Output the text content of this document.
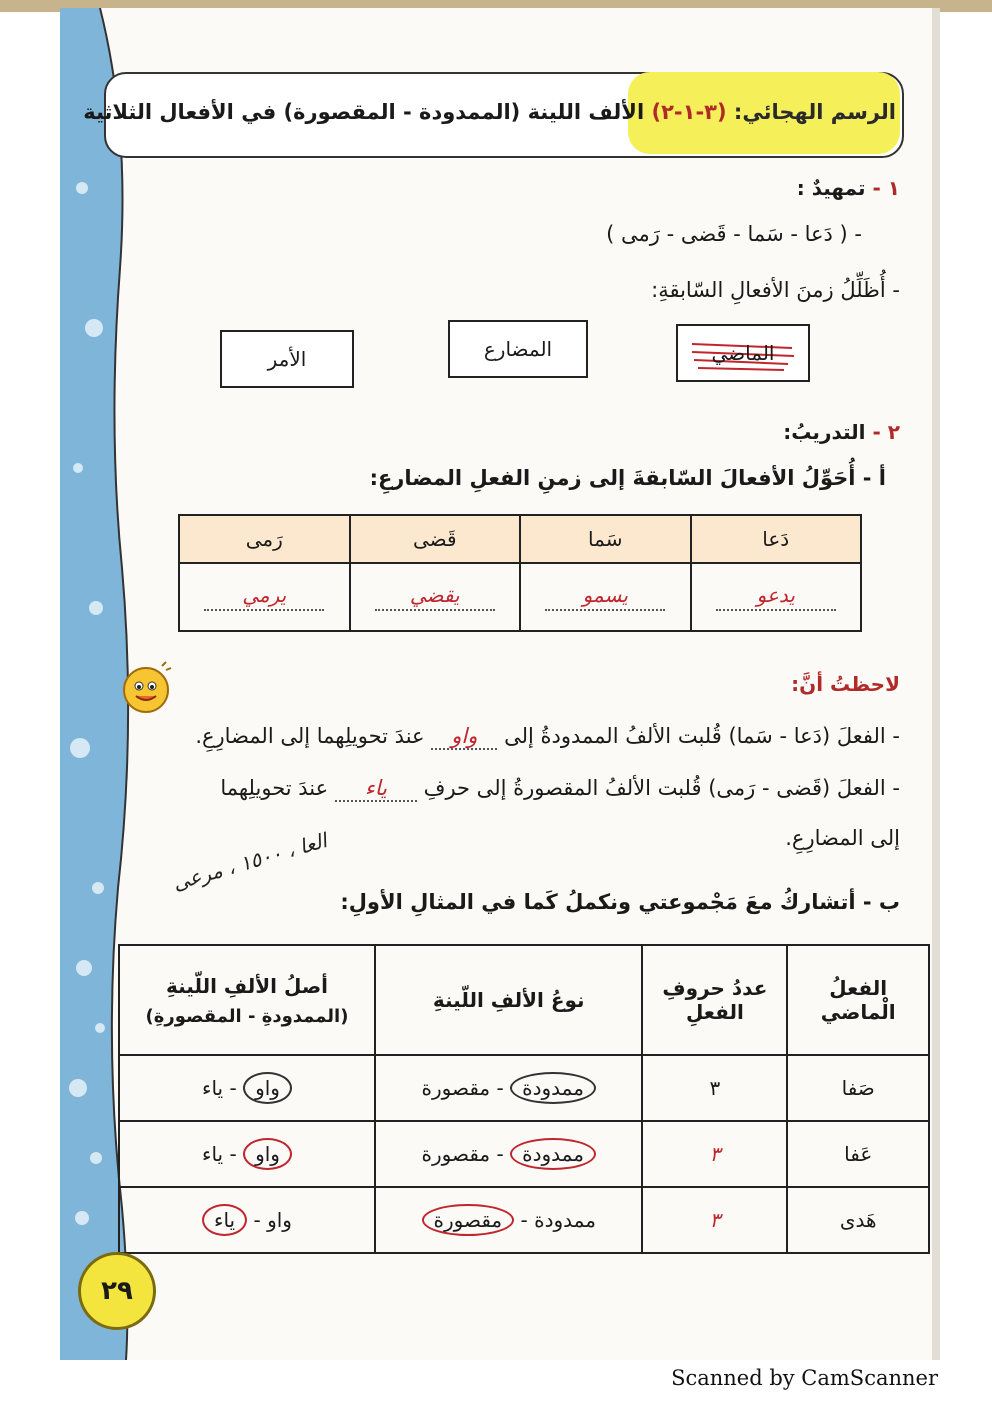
الرسم الهجائي: (٣-١-٢) الألف اللينة (الممدودة - المقصورة) في الأفعال الثلاثية
١ - تمهيدٌ :
- ( دَعا - سَما - قَضى - رَمى )
- أُظَلِّلُ زمنَ الأفعالِ السّابقةِ:
الماضي
المضارع
الأمر
٢ - التدريبُ:
أ - أُحَوِّلُ الأفعالَ السّابقةَ إلى زمنِ الفعلِ المضارعِ:
رَمى	قَضى	سَما	دَعا
يرمي	يقضي	يسمو	يدعو
لاحظتُ أنَّ:
- الفعلَ (دَعا - سَما) قُلبت الألفُ الممدودةُ إلى واو عندَ تحويلِهما إلى المضارِعِ.
- الفعلَ (قَضى - رَمى) قُلبت الألفُ المقصورةُ إلى حرفِ ياء عندَ تحويلِهما
إلى المضارِعِ.
ب - أتشاركُ معَ مَجْموعتي ونكملُ كَما في المثالِ الأولِ:
العا ، ١٥٠٠ ، مرعى
أصلُ الألفِ اللّينةِ
(الممدودةِ - المقصورةِ)	نوعُ الألفِ اللّينةِ	عددُ حروفِ الفعلِ	الفعلُ الْماضي
واو - ياء	ممدودة - مقصورة	٣	صَفا
واو - ياء	ممدودة - مقصورة	٣	عَفا
واو - ياء	ممدودة - مقصورة	٣	هَدى
٢٩
Scanned by CamScanner
